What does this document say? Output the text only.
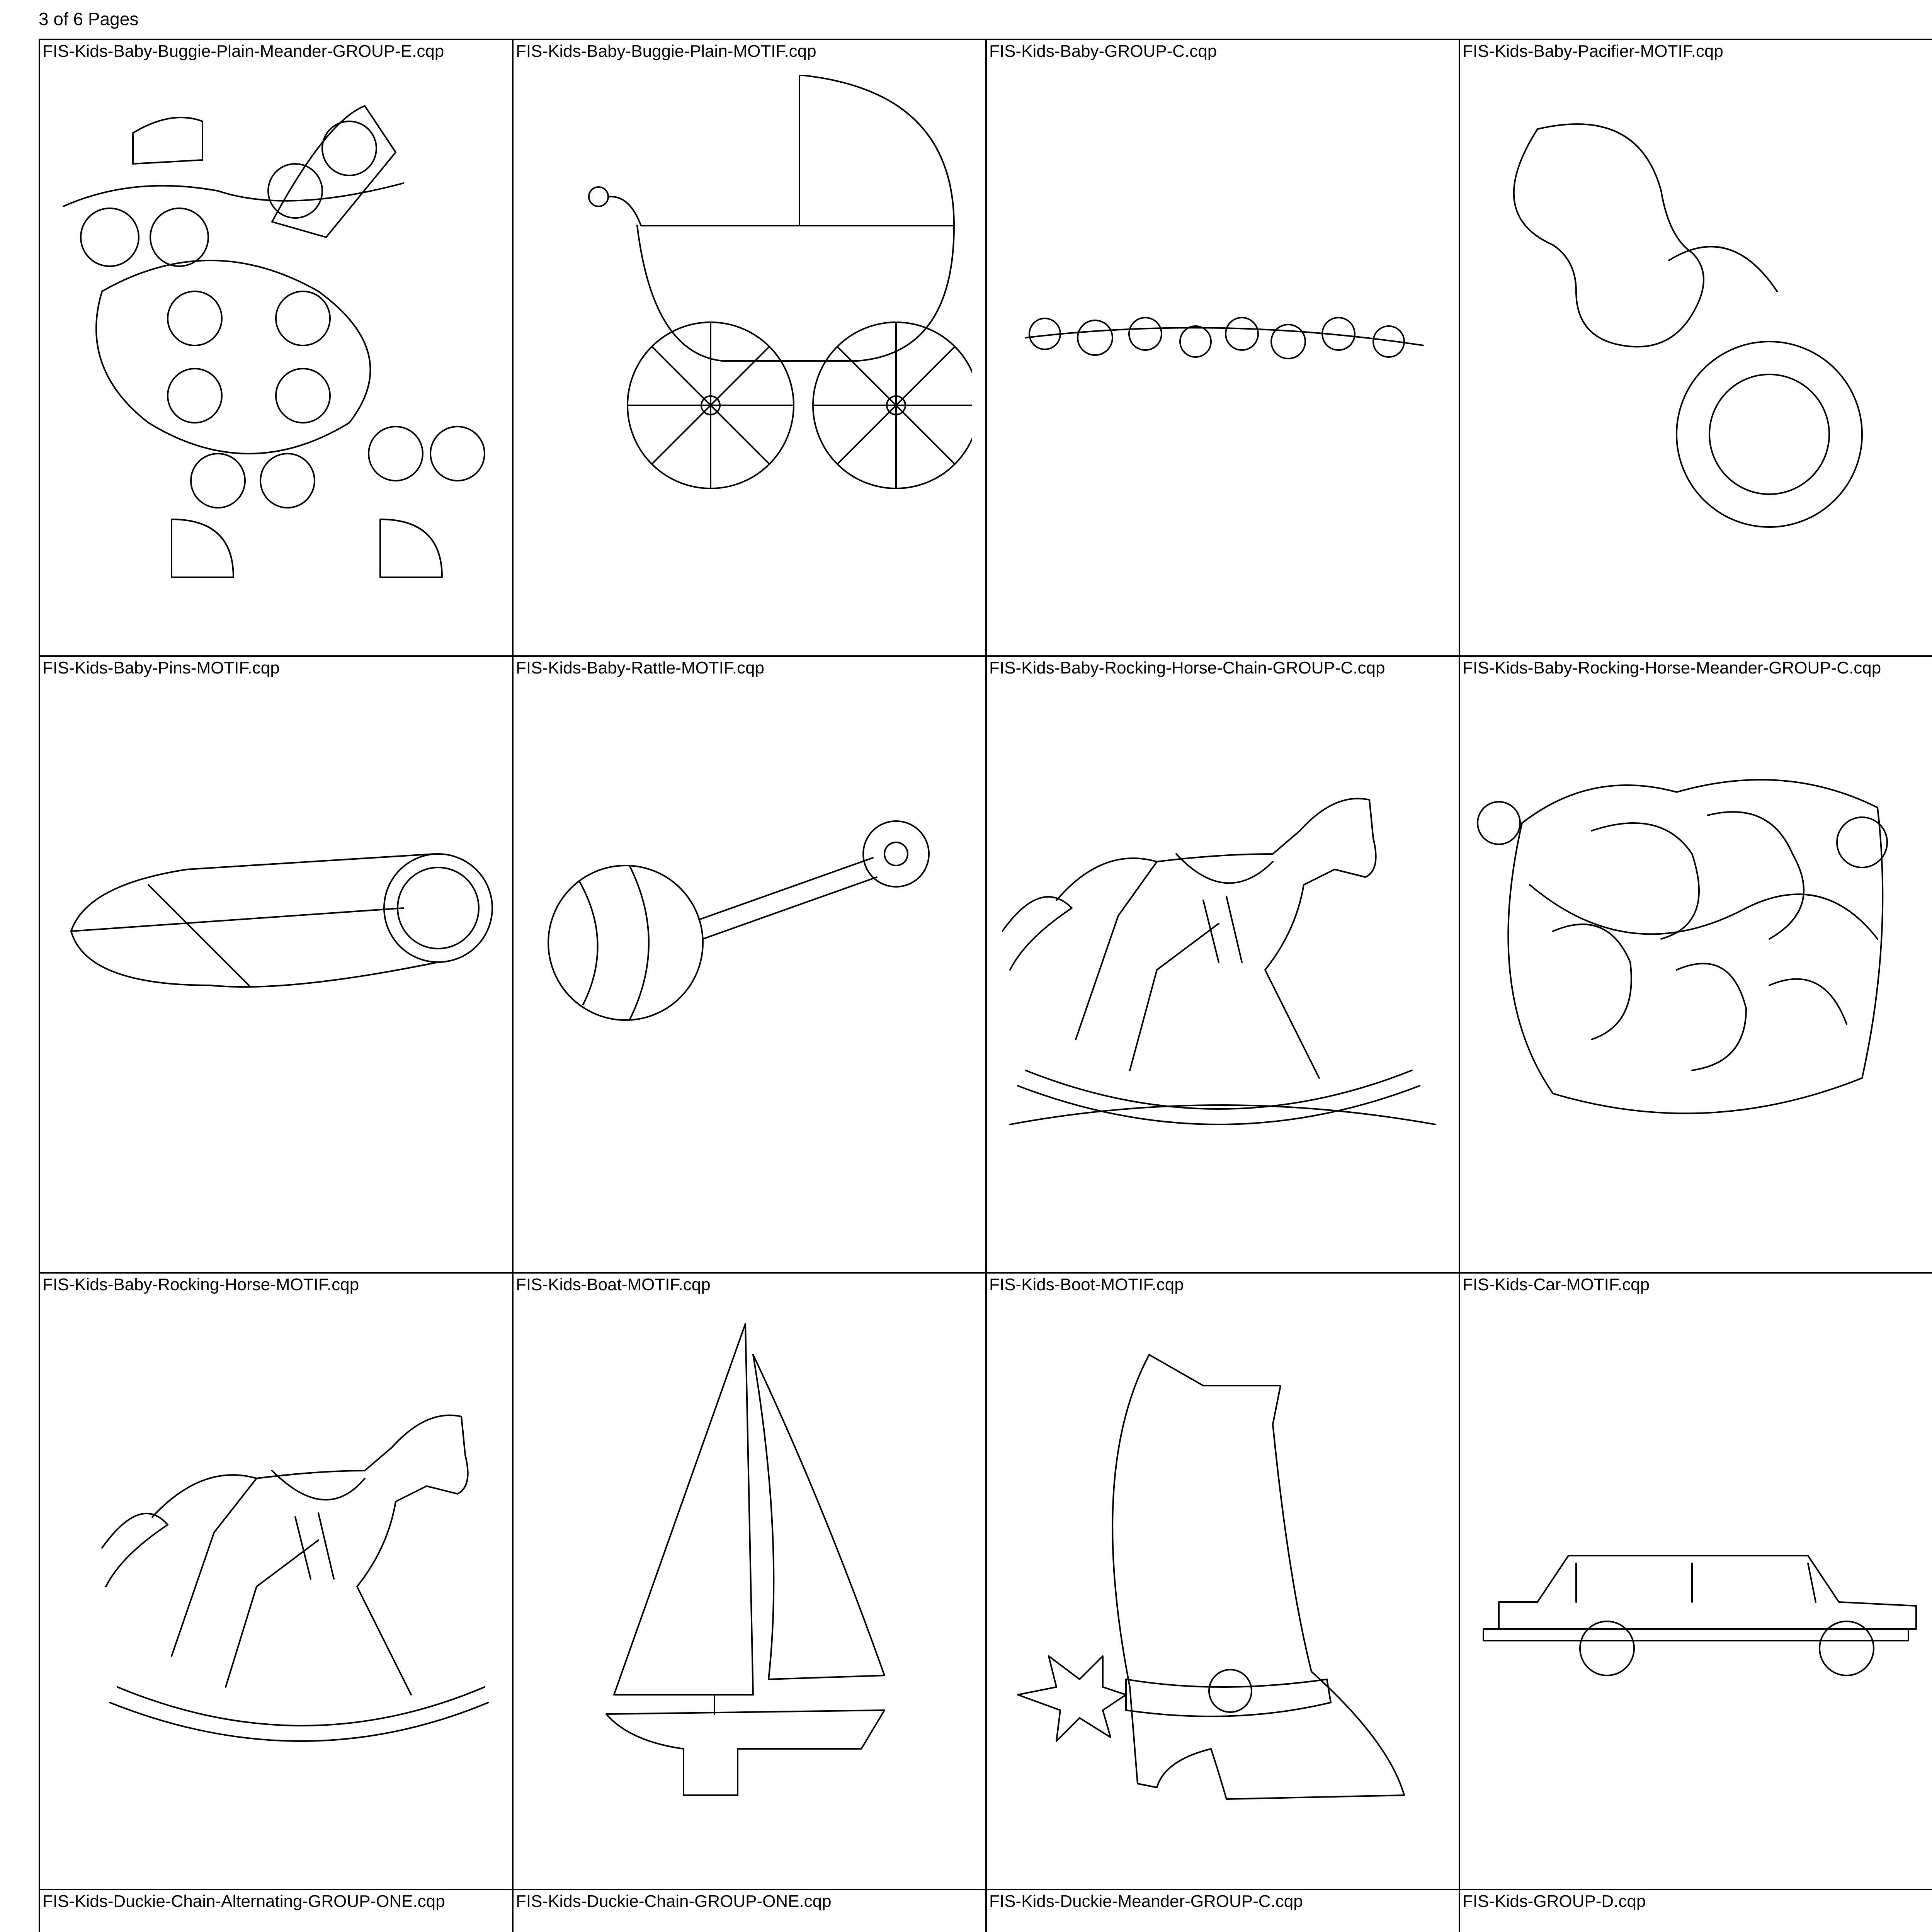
3 of 6 Pages
FIS-Kids-Baby-Buggie-Plain-Meander-GROUP-E.cqp	FIS-Kids-Baby-Buggie-Plain-MOTIF.cqp	FIS-Kids-Baby-GROUP-C.cqp	FIS-Kids-Baby-Pacifier-MOTIF.cqp
FIS-Kids-Baby-Pins-MOTIF.cqp	FIS-Kids-Baby-Rattle-MOTIF.cqp	FIS-Kids-Baby-Rocking-Horse-Chain-GROUP-C.cqp	FIS-Kids-Baby-Rocking-Horse-Meander-GROUP-C.cqp
FIS-Kids-Baby-Rocking-Horse-MOTIF.cqp	FIS-Kids-Boat-MOTIF.cqp	FIS-Kids-Boot-MOTIF.cqp	FIS-Kids-Car-MOTIF.cqp
FIS-Kids-Duckie-Chain-Alternating-GROUP-ONE.cqp	FIS-Kids-Duckie-Chain-GROUP-ONE.cqp	FIS-Kids-Duckie-Meander-GROUP-C.cqp	FIS-Kids-GROUP-D.cqp
